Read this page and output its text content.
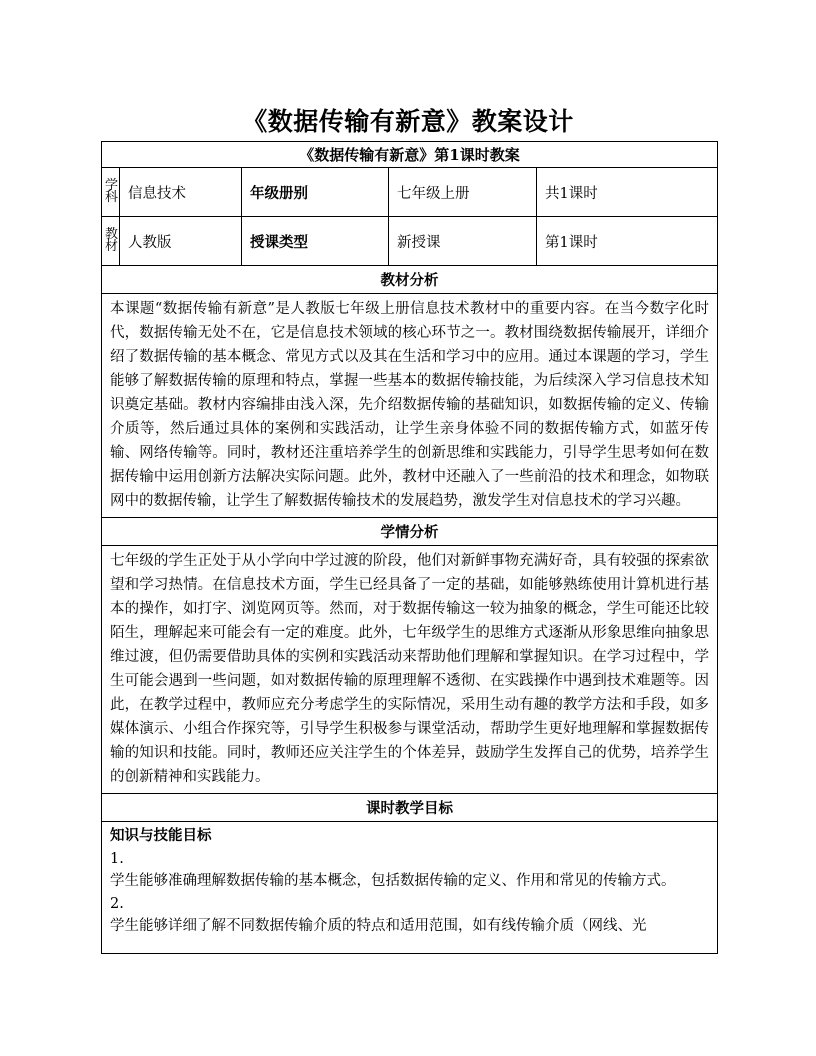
《数据传输有新意》教案设计
《数据传输有新意》第1课时教案				

学
科	信息技术	年级册别	七年级上册	共1课时

教
材	人教版	授课类型	新授课	第1课时
教材分析				
本课题“数据传输有新意”是人教版七年级上册信息技术教材中的重要内容。在当今数字化时代，数据传输无处不在，它是信息技术领域的核心环节之一。教材围绕数据传输展开，详细介绍了数据传输的基本概念、常见方式以及其在生活和学习中的应用。通过本课题的学习，学生能够了解数据传输的原理和特点，掌握一些基本的数据传输技能，为后续深入学习信息技术知识奠定基础。教材内容编排由浅入深，先介绍数据传输的基础知识，如数据传输的定义、传输介质等，然后通过具体的案例和实践活动，让学生亲身体验不同的数据传输方式，如蓝牙传输、网络传输等。同时，教材还注重培养学生的创新思维和实践能力，引导学生思考如何在数据传输中运用创新方法解决实际问题。此外，教材中还融入了一些前沿的技术和理念，如物联网中的数据传输，让学生了解数据传输技术的发展趋势，激发学生对信息技术的学习兴趣。				
学情分析				
七年级的学生正处于从小学向中学过渡的阶段，他们对新鲜事物充满好奇，具有较强的探索欲望和学习热情。在信息技术方面，学生已经具备了一定的基础，如能够熟练使用计算机进行基本的操作，如打字、浏览网页等。然而，对于数据传输这一较为抽象的概念，学生可能还比较陌生，理解起来可能会有一定的难度。此外，七年级学生的思维方式逐渐从形象思维向抽象思维过渡，但仍需要借助具体的实例和实践活动来帮助他们理解和掌握知识。在学习过程中，学生可能会遇到一些问题，如对数据传输的原理理解不透彻、在实践操作中遇到技术难题等。因此，在教学过程中，教师应充分考虑学生的实际情况，采用生动有趣的教学方法和手段，如多媒体演示、小组合作探究等，引导学生积极参与课堂活动，帮助学生更好地理解和掌握数据传输的知识和技能。同时，教师还应关注学生的个体差异，鼓励学生发挥自己的优势，培养学生的创新精神和实践能力。				
课时教学目标				

知识与技能目标
1.
学生能够准确理解数据传输的基本概念，包括数据传输的定义、作用和常见的传输方式。
2.
学生能够详细了解不同数据传输介质的特点和适用范围，如有线传输介质（网线、光				
